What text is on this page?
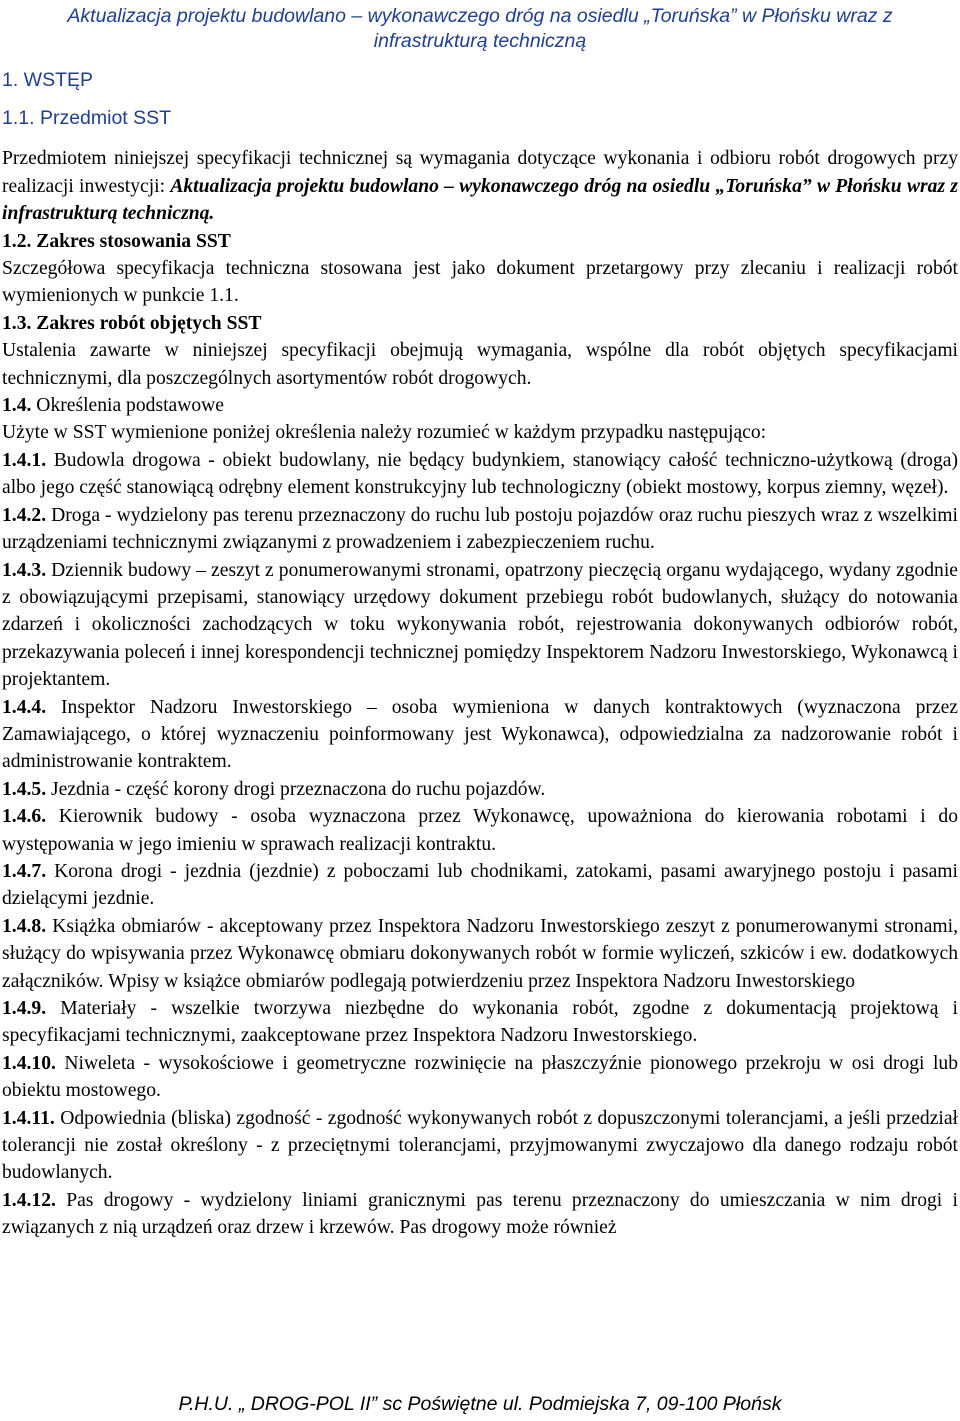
Aktualizacja projektu budowlano – wykonawczego dróg na osiedlu „Toruńska” w Płońsku wraz z
infrastrukturą techniczną
1. WSTĘP
1.1. Przedmiot SST

Przedmiotem niniejszej specyfikacji technicznej są wymagania dotyczące wykonania i odbioru robót drogowych przy realizacji inwestycji: Aktualizacja projektu budowlano – wykonawczego dróg na osiedlu „Toruńska” w Płońsku wraz z infrastrukturą techniczną.

1.2. Zakres stosowania SST

Szczegółowa specyfikacja techniczna stosowana jest jako dokument przetargowy przy zlecaniu i realizacji robót wymienionych w punkcie 1.1.

1.3. Zakres robót objętych SST

Ustalenia zawarte w niniejszej specyfikacji obejmują wymagania, wspólne dla robót objętych specyfikacjami technicznymi, dla poszczególnych asortymentów robót drogowych.

1.4. Określenia podstawowe

Użyte w SST wymienione poniżej określenia należy rozumieć w każdym przypadku następująco:

1.4.1. Budowla drogowa - obiekt budowlany, nie będący budynkiem, stanowiący całość techniczno-użytkową (droga) albo jego część stanowiącą odrębny element konstrukcyjny lub technologiczny (obiekt mostowy, korpus ziemny, węzeł).

1.4.2. Droga - wydzielony pas terenu przeznaczony do ruchu lub postoju pojazdów oraz ruchu pieszych wraz z wszelkimi urządzeniami technicznymi związanymi z prowadzeniem i zabezpieczeniem ruchu.

1.4.3. Dziennik budowy – zeszyt z ponumerowanymi stronami, opatrzony pieczęcią organu wydającego, wydany zgodnie z obowiązującymi przepisami, stanowiący urzędowy dokument przebiegu robót budowlanych, służący do notowania zdarzeń i okoliczności zachodzących w toku wykonywania robót, rejestrowania dokonywanych odbiorów robót, przekazywania poleceń i innej korespondencji technicznej pomiędzy Inspektorem Nadzoru Inwestorskiego, Wykonawcą i projektantem.

1.4.4. Inspektor Nadzoru Inwestorskiego – osoba wymieniona w danych kontraktowych (wyznaczona przez Zamawiającego, o której wyznaczeniu poinformowany jest Wykonawca), odpowiedzialna za nadzorowanie robót i administrowanie kontraktem.

1.4.5. Jezdnia - część korony drogi przeznaczona do ruchu pojazdów.

1.4.6. Kierownik budowy - osoba wyznaczona przez Wykonawcę, upoważniona do kierowania robotami i do występowania w jego imieniu w sprawach realizacji kontraktu.

1.4.7. Korona drogi - jezdnia (jezdnie) z poboczami lub chodnikami, zatokami, pasami awaryjnego postoju i pasami dzielącymi jezdnie.

1.4.8. Książka obmiarów - akceptowany przez Inspektora Nadzoru Inwestorskiego zeszyt z ponumerowanymi stronami, służący do wpisywania przez Wykonawcę obmiaru dokonywanych robót w formie wyliczeń, szkiców i ew. dodatkowych załączników. Wpisy w książce obmiarów podlegają potwierdzeniu przez Inspektora Nadzoru Inwestorskiego

1.4.9. Materiały - wszelkie tworzywa niezbędne do wykonania robót, zgodne z dokumentacją projektową i specyfikacjami technicznymi, zaakceptowane przez Inspektora Nadzoru Inwestorskiego.

1.4.10. Niweleta - wysokościowe i geometryczne rozwinięcie na płaszczyźnie pionowego przekroju w osi drogi lub obiektu mostowego.

1.4.11. Odpowiednia (bliska) zgodność - zgodność wykonywanych robót z dopuszczonymi tolerancjami, a jeśli przedział tolerancji nie został określony - z przeciętnymi tolerancjami, przyjmowanymi zwyczajowo dla danego rodzaju robót budowlanych.

1.4.12. Pas drogowy - wydzielony liniami granicznymi pas terenu przeznaczony do umieszczania w nim drogi i związanych z nią urządzeń oraz drzew i krzewów. Pas drogowy może również

P.H.U. „ DROG-POL II” sc Poświętne ul. Podmiejska 7, 09-100 Płońsk
